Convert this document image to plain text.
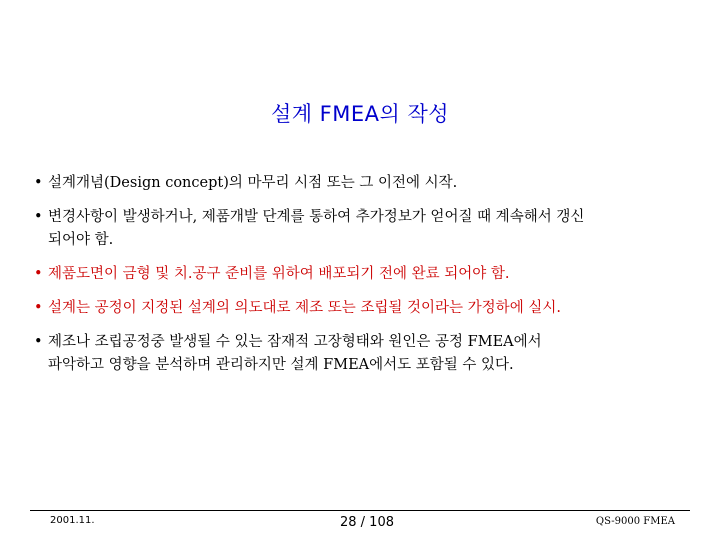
설계 FMEA의 작성
• 설계개념(Design concept)의 마무리 시점 또는 그 이전에 시작.
• 변경사항이 발생하거나, 제품개발 단계를 통하여 추가정보가 얻어질 때 계속해서 갱신
되어야 함.
• 제품도면이 금형 및 치.공구 준비를 위하여 배포되기 전에 완료 되어야 함.
• 설계는 공정이 지정된 설계의 의도대로 제조 또는 조립될 것이라는 가정하에 실시.
• 제조나 조립공정중 발생될 수 있는 잠재적 고장형태와 원인은 공정 FMEA에서
파악하고 영향을 분석하며 관리하지만 설계 FMEA에서도 포함될 수 있다.
2001.11.	28 / 108	QS-9000 FMEA
